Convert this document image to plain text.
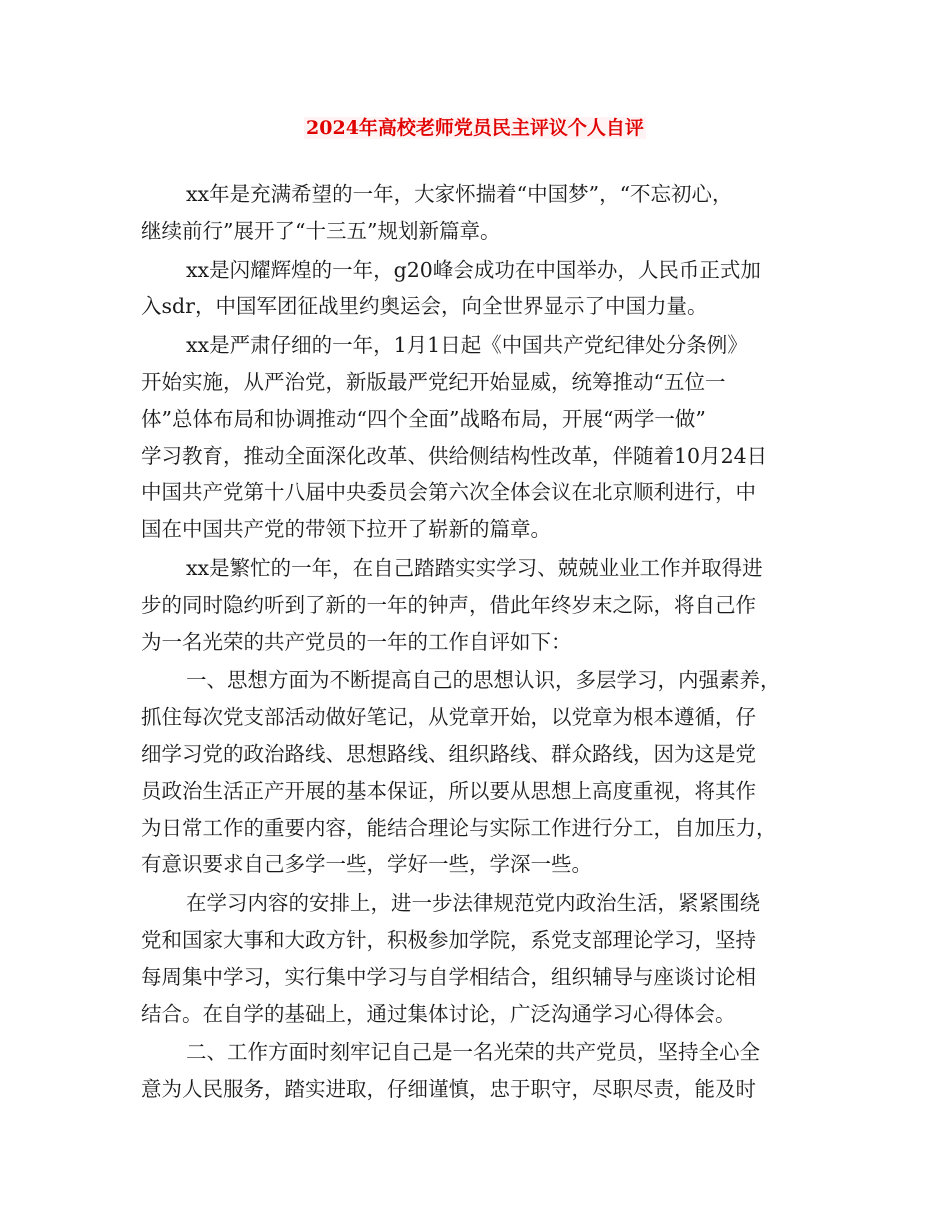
2024年高校老师党员民主评议个人自评
xx年是充满希望的一年，大家怀揣着“中国梦”，“不忘初心，
继续前行”展开了“十三五”规划新篇章。
xx是闪耀辉煌的一年，g20峰会成功在中国举办，人民币正式加
入sdr，中国军团征战里约奥运会，向全世界显示了中国力量。
xx是严肃仔细的一年，1月1日起《中国共产党纪律处分条例》
开始实施，从严治党，新版最严党纪开始显威，统筹推动“五位一
体”总体布局和协调推动“四个全面”战略布局，开展“两学一做”
学习教育，推动全面深化改革、供给侧结构性改革，伴随着10月24日
中国共产党第十八届中央委员会第六次全体会议在北京顺利进行，中
国在中国共产党的带领下拉开了崭新的篇章。
xx是繁忙的一年，在自己踏踏实实学习、兢兢业业工作并取得进
步的同时隐约听到了新的一年的钟声，借此年终岁末之际，将自己作
为一名光荣的共产党员的一年的工作自评如下：
一、思想方面为不断提高自己的思想认识，多层学习，内强素养，
抓住每次党支部活动做好笔记，从党章开始，以党章为根本遵循，仔
细学习党的政治路线、思想路线、组织路线、群众路线，因为这是党
员政治生活正产开展的基本保证，所以要从思想上高度重视，将其作
为日常工作的重要内容，能结合理论与实际工作进行分工，自加压力，
有意识要求自己多学一些，学好一些，学深一些。
在学习内容的安排上，进一步法律规范党内政治生活，紧紧围绕
党和国家大事和大政方针，积极参加学院，系党支部理论学习，坚持
每周集中学习，实行集中学习与自学相结合，组织辅导与座谈讨论相
结合。在自学的基础上，通过集体讨论，广泛沟通学习心得体会。
二、工作方面时刻牢记自己是一名光荣的共产党员，坚持全心全
意为人民服务，踏实进取，仔细谨慎，忠于职守，尽职尽责，能及时
